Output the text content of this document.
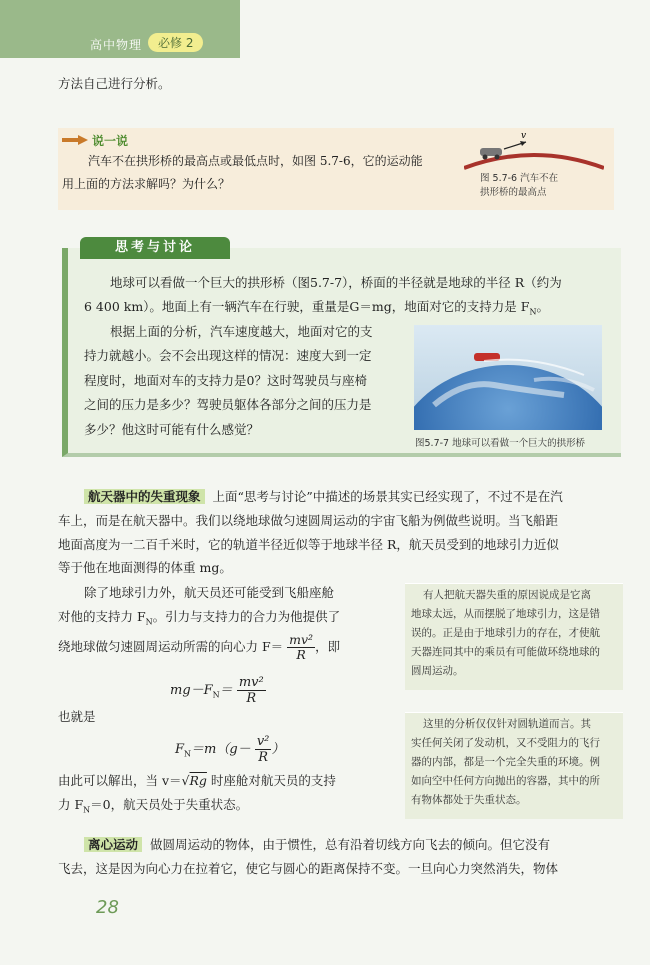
高中物理	必修 2
方法自己进行分析。
说一说
汽车不在拱形桥的最高点或最低点时，如图 5.7-6，它的运动能
用上面的方法求解吗？为什么？
v
图 5.7-6 汽车不在
拱形桥的最高点
思考与讨论
地球可以看做一个巨大的拱形桥（图5.7-7），桥面的半径就是地球的半径 R（约为
6 400 km）。地面上有一辆汽车在行驶，重量是G＝mg，地面对它的支持力是 $F_N$。
根据上面的分析，汽车速度越大，地面对它的支
持力就越小。会不会出现这样的情况：速度大到一定
程度时，地面对车的支持力是0？这时驾驶员与座椅
之间的压力是多少？驾驶员躯体各部分之间的压力是
多少？他这时可能有什么感觉？
图5.7-7 地球可以看做一个巨大的拱形桥
航天器中的失重现象 上面“思考与讨论”中描述的场景其实已经实现了，不过不是在汽
车上，而是在航天器中。我们以绕地球做匀速圆周运动的宇宙飞船为例做些说明。当飞船距
地面高度为一二百千米时，它的轨道半径近似等于地球半径 R，航天员受到的地球引力近似
等于他在地面测得的体重 mg。
除了地球引力外，航天员还可能受到飞船座舱
对他的支持力 $F_N$。引力与支持力的合力为他提供了
绕地球做匀速圆周运动所需的向心力 $F= \frac{\text{mv²}}{R}$ ，即
$mg-F_N= \frac{\text{mv²}}{R}$
也就是
$F_N=m(g- \frac{\text{v²}}{R}$ ）
由此可以解出，当 v＝√Rg 时座舱对航天员的支持
力 $F_N=0$，航天员处于失重状态。
有人把航天器失重的原因说成是它离
地球太远，从而摆脱了地球引力，这是错
误的。正是由于地球引力的存在，才使航
天器连同其中的乘员有可能做环绕地球的
圆周运动。
这里的分析仅仅针对圆轨道而言。其
实任何关闭了发动机，又不受阻力的飞行
器的内部，都是一个完全失重的环境。例
如向空中任何方向抛出的容器，其中的所
有物体都处于失重状态。
离心运动 做圆周运动的物体，由于惯性，总有沿着切线方向飞去的倾向。但它没有
飞去，这是因为向心力在拉着它，使它与圆心的距离保持不变。一旦向心力突然消失，物体
28
